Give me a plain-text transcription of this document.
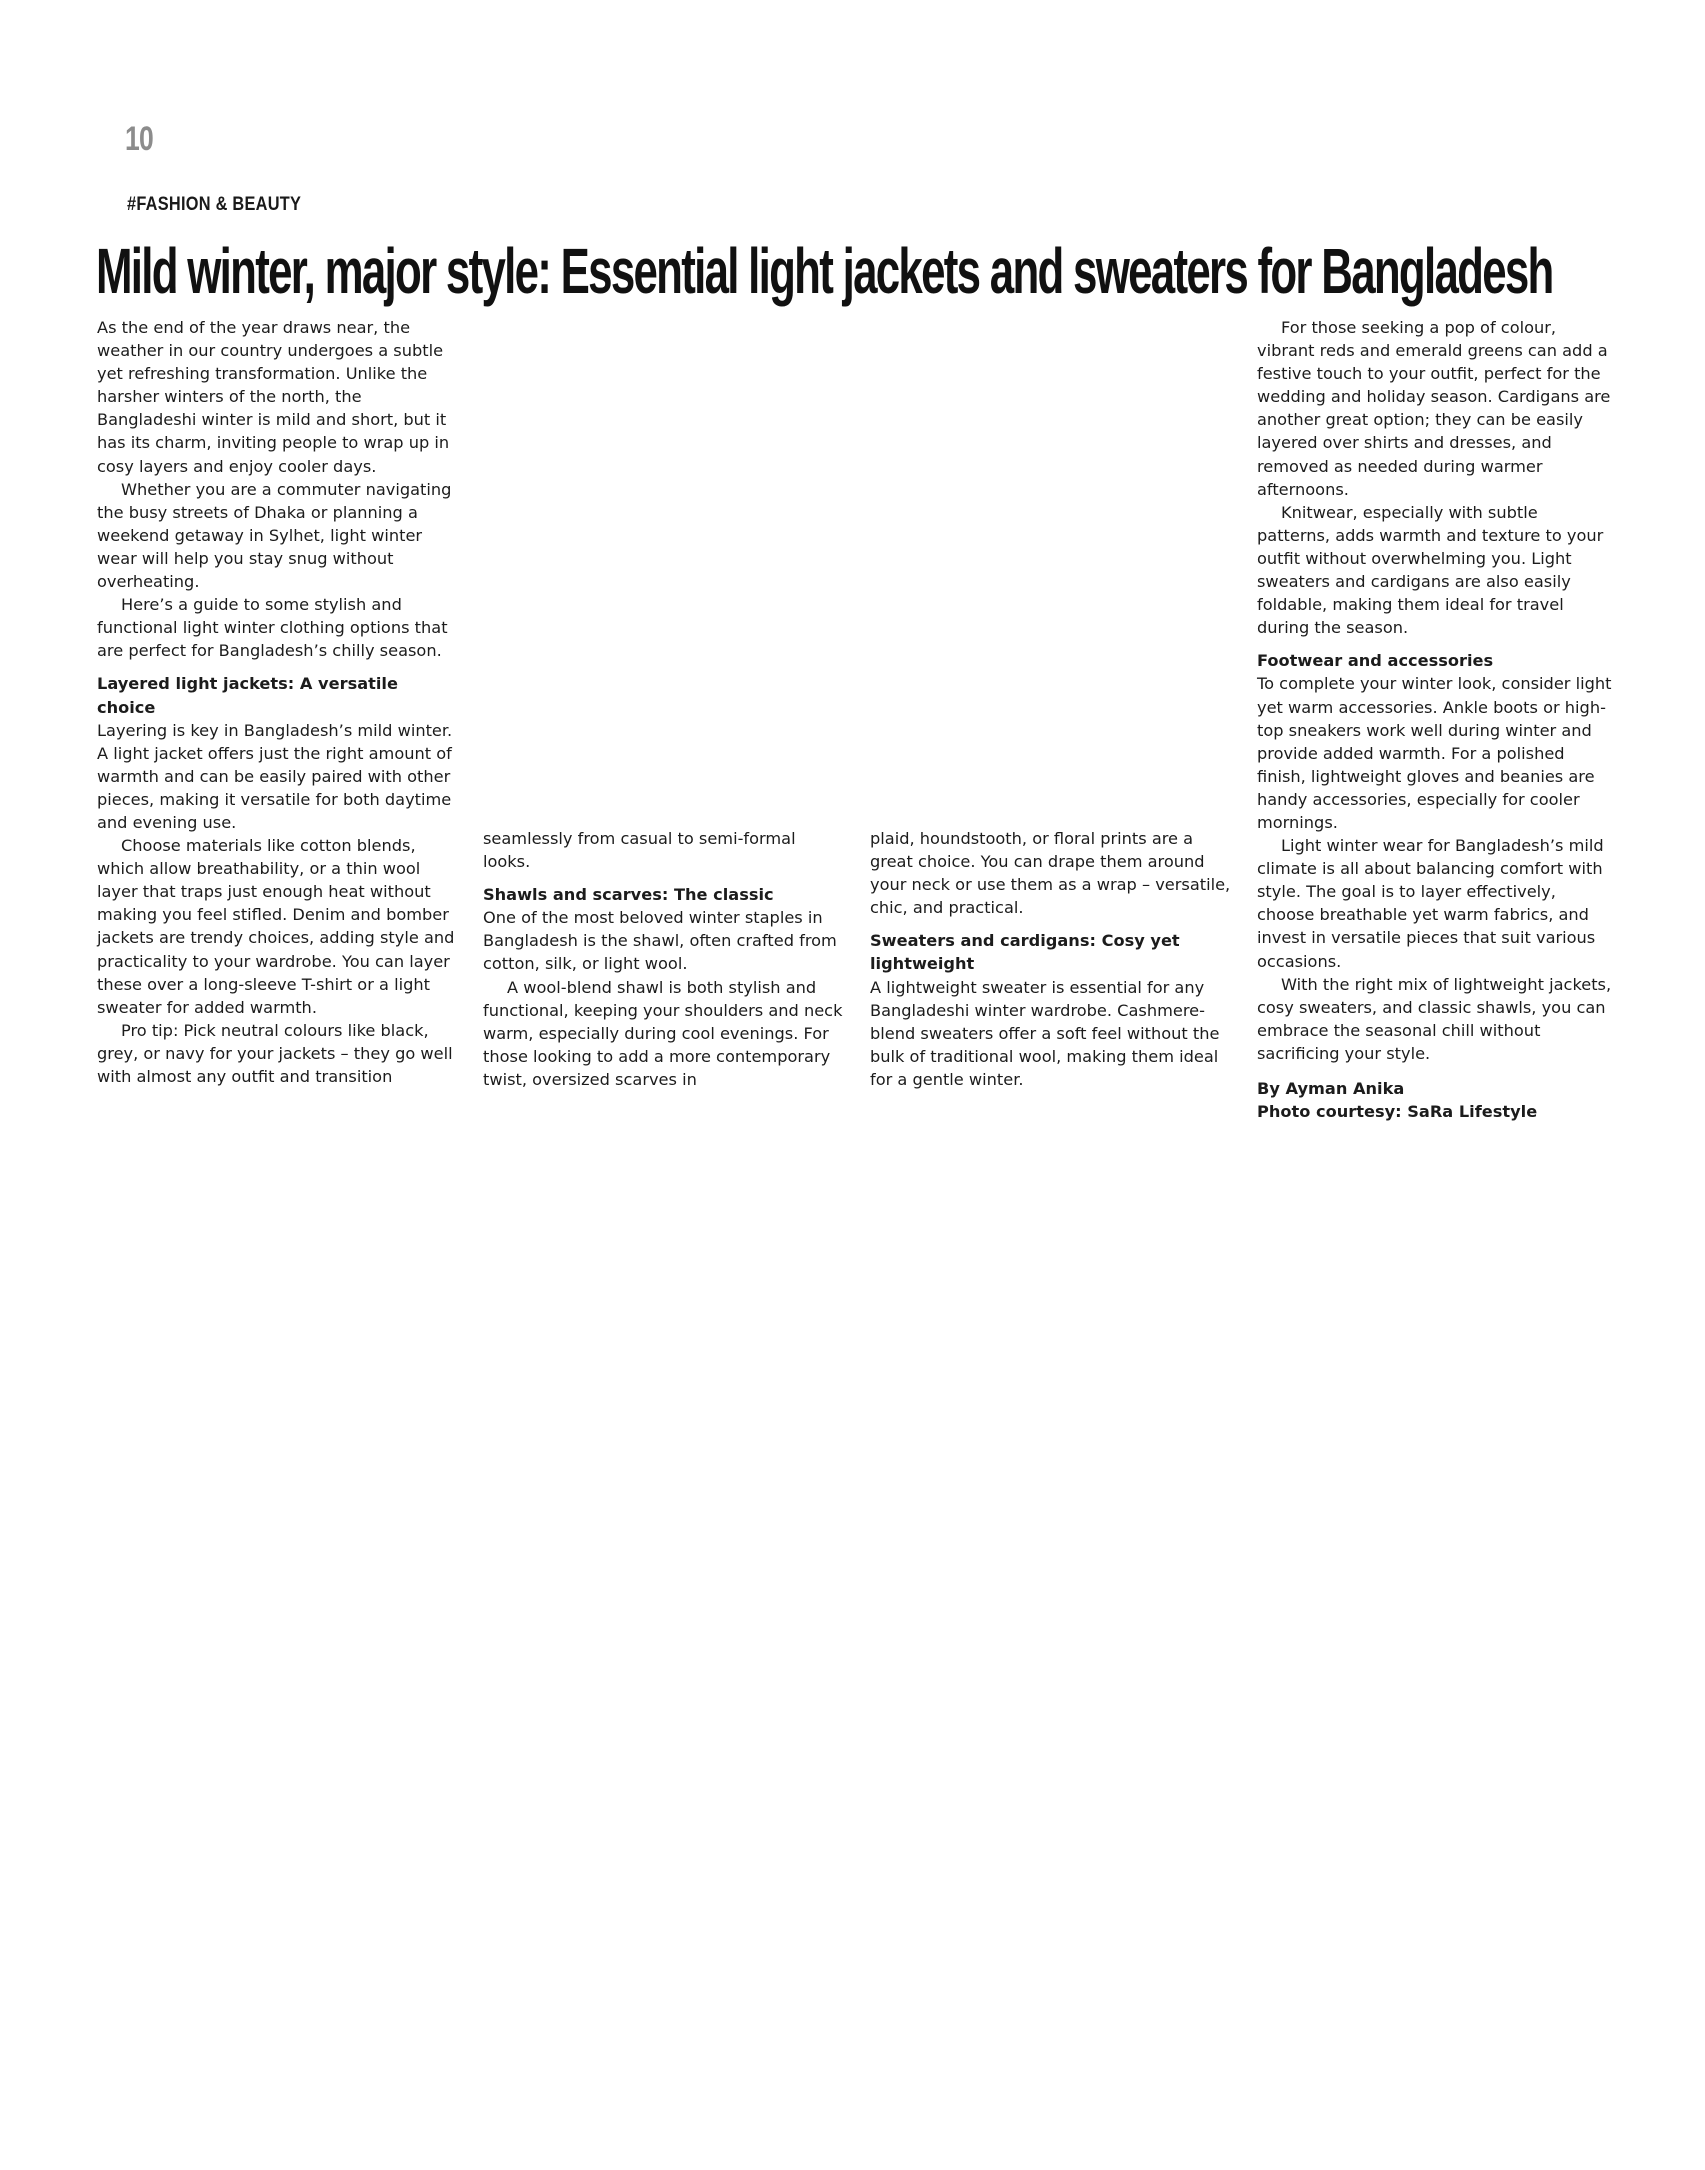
10
#FASHION & BEAUTY
Mild winter, major style: Essential light jackets and sweaters for Bangladesh

As the end of the year draws near, the weather in our country undergoes a subtle yet refreshing transformation. Unlike the harsher winters of the north, the Bangladeshi winter is mild and short, but it has its charm, inviting people to wrap up in cosy layers and enjoy cooler days.

Whether you are a commuter navigating the busy streets of Dhaka or planning a weekend getaway in Sylhet, light winter wear will help you stay snug without overheating.

Here’s a guide to some stylish and functional light winter clothing options that are perfect for Bangladesh’s chilly season.

Layered light jackets: A versatile choice

Layering is key in Bangladesh’s mild winter. A light jacket offers just the right amount of warmth and can be easily paired with other pieces, making it versatile for both daytime and evening use.

Choose materials like cotton blends, which allow breathability, or a thin wool layer that traps just enough heat without making you feel stifled. Denim and bomber jackets are trendy choices, adding style and practicality to your wardrobe. You can layer these over a long-sleeve T-shirt or a light sweater for added warmth.

Pro tip: Pick neutral colours like black, grey, or navy for your jackets – they go well with almost any outfit and transition

seamlessly from casual to semi-formal looks.

Shawls and scarves: The classic

One of the most beloved winter staples in Bangladesh is the shawl, often crafted from cotton, silk, or light wool.

A wool-blend shawl is both stylish and functional, keeping your shoulders and neck warm, especially during cool evenings. For those looking to add a more contemporary twist, oversized scarves in

plaid, houndstooth, or floral prints are a great choice. You can drape them around your neck or use them as a wrap – versatile, chic, and practical.

Sweaters and cardigans: Cosy yet lightweight

A lightweight sweater is essential for any Bangladeshi winter wardrobe. Cashmere-blend sweaters offer a soft feel without the bulk of traditional wool, making them ideal for a gentle winter.

For those seeking a pop of colour, vibrant reds and emerald greens can add a festive touch to your outfit, perfect for the wedding and holiday season. Cardigans are another great option; they can be easily layered over shirts and dresses, and removed as needed during warmer afternoons.

Knitwear, especially with subtle patterns, adds warmth and texture to your outfit without overwhelming you. Light sweaters and cardigans are also easily foldable, making them ideal for travel during the season.

Footwear and accessories

To complete your winter look, consider light yet warm accessories. Ankle boots or high-top sneakers work well during winter and provide added warmth. For a polished finish, lightweight gloves and beanies are handy accessories, especially for cooler mornings.

Light winter wear for Bangladesh’s mild climate is all about balancing comfort with style. The goal is to layer effectively, choose breathable yet warm fabrics, and invest in versatile pieces that suit various occasions.

With the right mix of lightweight jackets, cosy sweaters, and classic shawls, you can embrace the seasonal chill without sacrificing your style.

By Ayman Anika

Photo courtesy: SaRa Lifestyle
